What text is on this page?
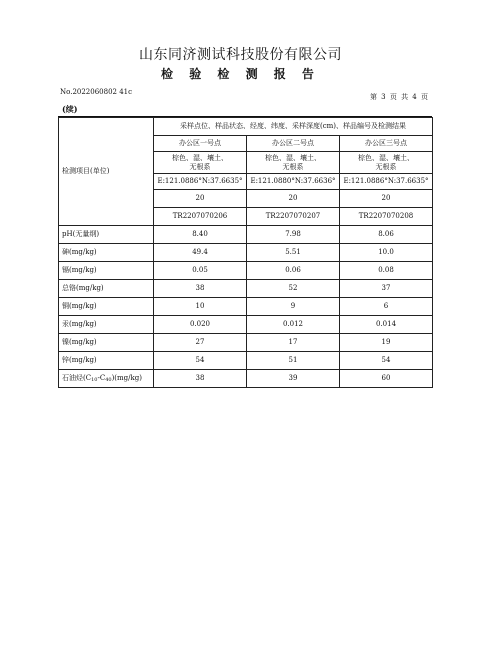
山东同济测试科技股份有限公司
检 验 检 测 报 告
No.2022060802 41c
第 3 页 共 4 页
(续)
检测项目(单位)	采样点位、样品状态、经度、纬度、采样深度(cm)、样品编号及检测结果		
	办公区一号点	办公区二号点	办公区三号点
	棕色、湿、壤土、
无根系	棕色、湿、壤土、
无根系	棕色、湿、壤土、
无根系
	E:121.0886°N:37.6635°	E:121.0880°N:37.6636°	E:121.0886°N:37.6635°
	20	20	20
	TR2207070206	TR2207070207	TR2207070208
pH(无量纲)	8.40	7.98	8.06
砷(mg/kg)	49.4	5.51	10.0
镉(mg/kg)	0.05	0.06	0.08
总铬(mg/kg)	38	52	37
铜(mg/kg)	10	9	6
汞(mg/kg)	0.020	0.012	0.014
镍(mg/kg)	27	17	19
锌(mg/kg)	54	51	54
石油烃$(C_{10}-C_{40})(mg/kg)$	38	39	60
